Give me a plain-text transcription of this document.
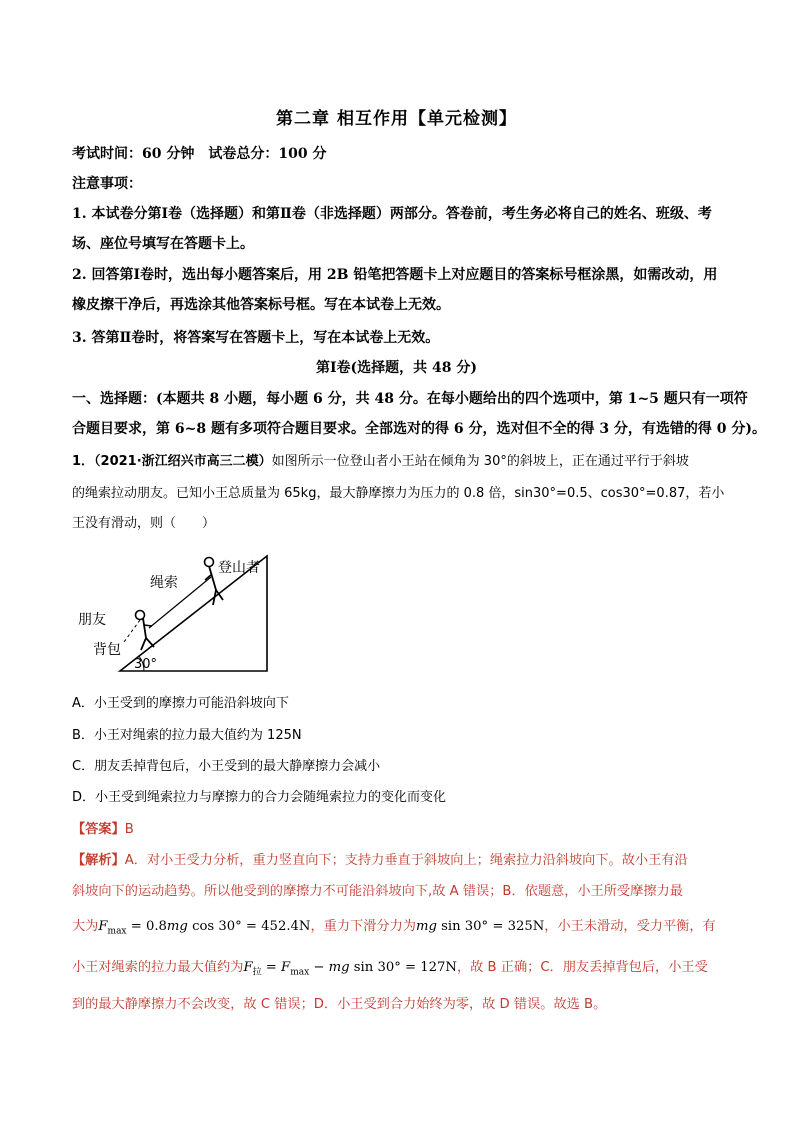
第二章 相互作用【单元检测】
考试时间：60 分钟　试卷总分：100 分
注意事项：
1. 本试卷分第Ⅰ卷（选择题）和第Ⅱ卷（非选择题）两部分。答卷前，考生务必将自己的姓名、班级、考
场、座位号填写在答题卡上。
2. 回答第Ⅰ卷时，选出每小题答案后，用 2B 铅笔把答题卡上对应题目的答案标号框涂黑，如需改动，用
橡皮擦干净后，再选涂其他答案标号框。写在本试卷上无效。
3. 答第Ⅱ卷时，将答案写在答题卡上，写在本试卷上无效。
第Ⅰ卷(选择题，共 48 分)
一、选择题：(本题共 8 小题，每小题 6 分，共 48 分。在每小题给出的四个选项中，第 1~5 题只有一项符
合题目要求，第 6~8 题有多项符合题目要求。全部选对的得 6 分，选对但不全的得 3 分，有选错的得 0 分)。
1．（2021·浙江绍兴市高三二模）如图所示一位登山者小王站在倾角为 30°的斜坡上，正在通过平行于斜坡
的绳索拉动朋友。已知小王总质量为 65kg，最大静摩擦力为压力的 0.8 倍，sin30°=0.5、cos30°=0.87，若小
王没有滑动，则（　　）
绳索
登山者
朋友
背包
30°
A．小王受到的摩擦力可能沿斜坡向下
B．小王对绳索的拉力最大值约为 125N
C．朋友丢掉背包后，小王受到的最大静摩擦力会减小
D．小王受到绳索拉力与摩擦力的合力会随绳索拉力的变化而变化
【答案】B
【解析】A．对小王受力分析，重力竖直向下；支持力垂直于斜坡向上；绳索拉力沿斜坡向下。故小王有沿
斜坡向下的运动趋势。所以他受到的摩擦力不可能沿斜坡向下,故 A 错误；B．依题意，小王所受摩擦力最
大为$F_{max} = 0.8mg$ cos 30° = 452.4N，重力下滑分力为mg sin 30° = 325N，小王未滑动，受力平衡，有
小王对绳索的拉力最大值约为$F_拉 = F_{max}$ − mg sin 30° = 127N，故 B 正确；C．朋友丢掉背包后，小王受
到的最大静摩擦力不会改变，故 C 错误；D．小王受到合力始终为零，故 D 错误。故选 B。
